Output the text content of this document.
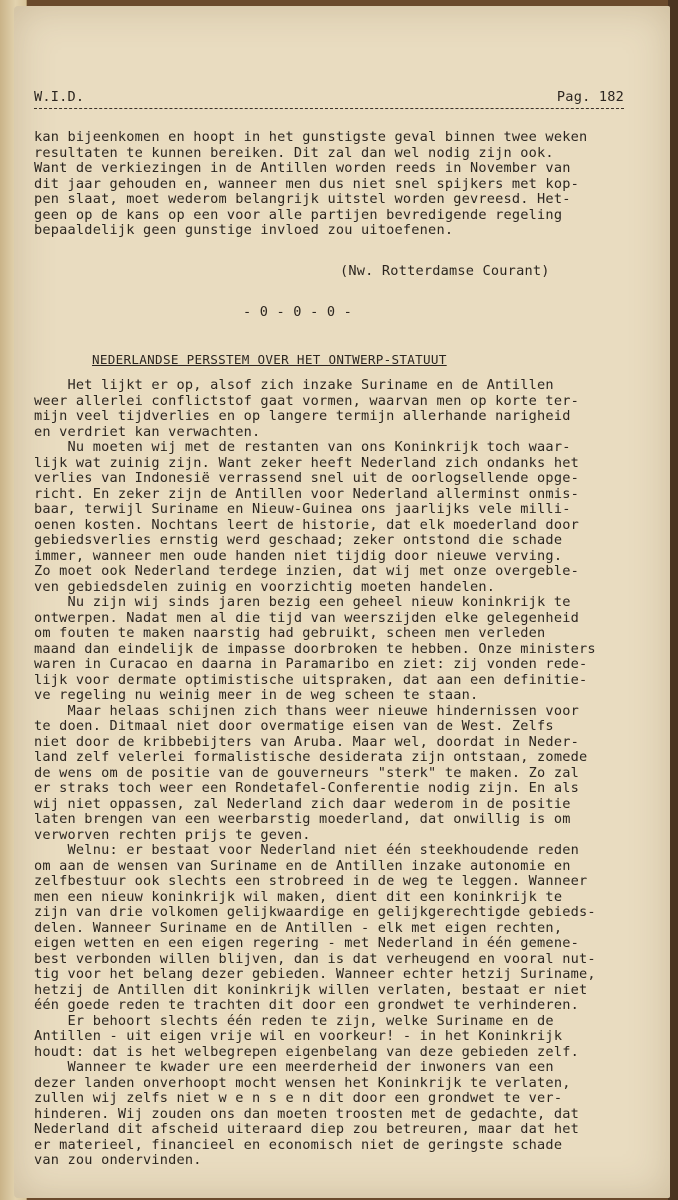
W.I.D.	Pag. 182
kan bijeenkomen en hoopt in het gunstigste geval binnen twee weken
resultaten te kunnen bereiken. Dit zal dan wel nodig zijn ook.
Want de verkiezingen in de Antillen worden reeds in November van
dit jaar gehouden en, wanneer men dus niet snel spijkers met kop-
pen slaat, moet wederom belangrijk uitstel worden gevreesd. Het-
geen op de kans op een voor alle partijen bevredigende regeling
bepaaldelijk geen gunstige invloed zou uitoefenen.
(Nw. Rotterdamse Courant)
- 0 - 0 - 0 -
NEDERLANDSE PERSSTEM OVER HET ONTWERP-STATUUT
Het lijkt er op, alsof zich inzake Suriname en de Antillen
weer allerlei conflictstof gaat vormen, waarvan men op korte ter-
mijn veel tijdverlies en op langere termijn allerhande narigheid
en verdriet kan verwachten.
Nu moeten wij met de restanten van ons Koninkrijk toch waar-
lijk wat zuinig zijn. Want zeker heeft Nederland zich ondanks het
verlies van Indonesië verrassend snel uit de oorlogsellende opge-
richt. En zeker zijn de Antillen voor Nederland allerminst onmis-
baar, terwijl Suriname en Nieuw-Guinea ons jaarlijks vele milli-
oenen kosten. Nochtans leert de historie, dat elk moederland door
gebiedsverlies ernstig werd geschaad; zeker ontstond die schade
immer, wanneer men oude handen niet tijdig door nieuwe verving.
Zo moet ook Nederland terdege inzien, dat wij met onze overgeble-
ven gebiedsdelen zuinig en voorzichtig moeten handelen.
Nu zijn wij sinds jaren bezig een geheel nieuw koninkrijk te
ontwerpen. Nadat men al die tijd van weerszijden elke gelegenheid
om fouten te maken naarstig had gebruikt, scheen men verleden
maand dan eindelijk de impasse doorbroken te hebben. Onze ministers
waren in Curacao en daarna in Paramaribo en ziet: zij vonden rede-
lijk voor dermate optimistische uitspraken, dat aan een definitie-
ve regeling nu weinig meer in de weg scheen te staan.
Maar helaas schijnen zich thans weer nieuwe hindernissen voor
te doen. Ditmaal niet door overmatige eisen van de West. Zelfs
niet door de kribbebijters van Aruba. Maar wel, doordat in Neder-
land zelf velerlei formalistische desiderata zijn ontstaan, zomede
de wens om de positie van de gouverneurs "sterk" te maken. Zo zal
er straks toch weer een Rondetafel-Conferentie nodig zijn. En als
wij niet oppassen, zal Nederland zich daar wederom in de positie
laten brengen van een weerbarstig moederland, dat onwillig is om
verworven rechten prijs te geven.
Welnu: er bestaat voor Nederland niet één steekhoudende reden
om aan de wensen van Suriname en de Antillen inzake autonomie en
zelfbestuur ook slechts een strobreed in de weg te leggen. Wanneer
men een nieuw koninkrijk wil maken, dient dit een koninkrijk te
zijn van drie volkomen gelijkwaardige en gelijkgerechtigde gebieds-
delen. Wanneer Suriname en de Antillen - elk met eigen rechten,
eigen wetten en een eigen regering - met Nederland in één gemene-
best verbonden willen blijven, dan is dat verheugend en vooral nut-
tig voor het belang dezer gebieden. Wanneer echter hetzij Suriname,
hetzij de Antillen dit koninkrijk willen verlaten, bestaat er niet
één goede reden te trachten dit door een grondwet te verhinderen.
Er behoort slechts één reden te zijn, welke Suriname en de
Antillen - uit eigen vrije wil en voorkeur! - in het Koninkrijk
houdt: dat is het welbegrepen eigenbelang van deze gebieden zelf.
Wanneer te kwader ure een meerderheid der inwoners van een
dezer landen onverhoopt mocht wensen het Koninkrijk te verlaten,
zullen wij zelfs niet w e n s e n dit door een grondwet te ver-
hinderen. Wij zouden ons dan moeten troosten met de gedachte, dat
Nederland dit afscheid uiteraard diep zou betreuren, maar dat het
er materieel, financieel en economisch niet de geringste schade
van zou ondervinden.
